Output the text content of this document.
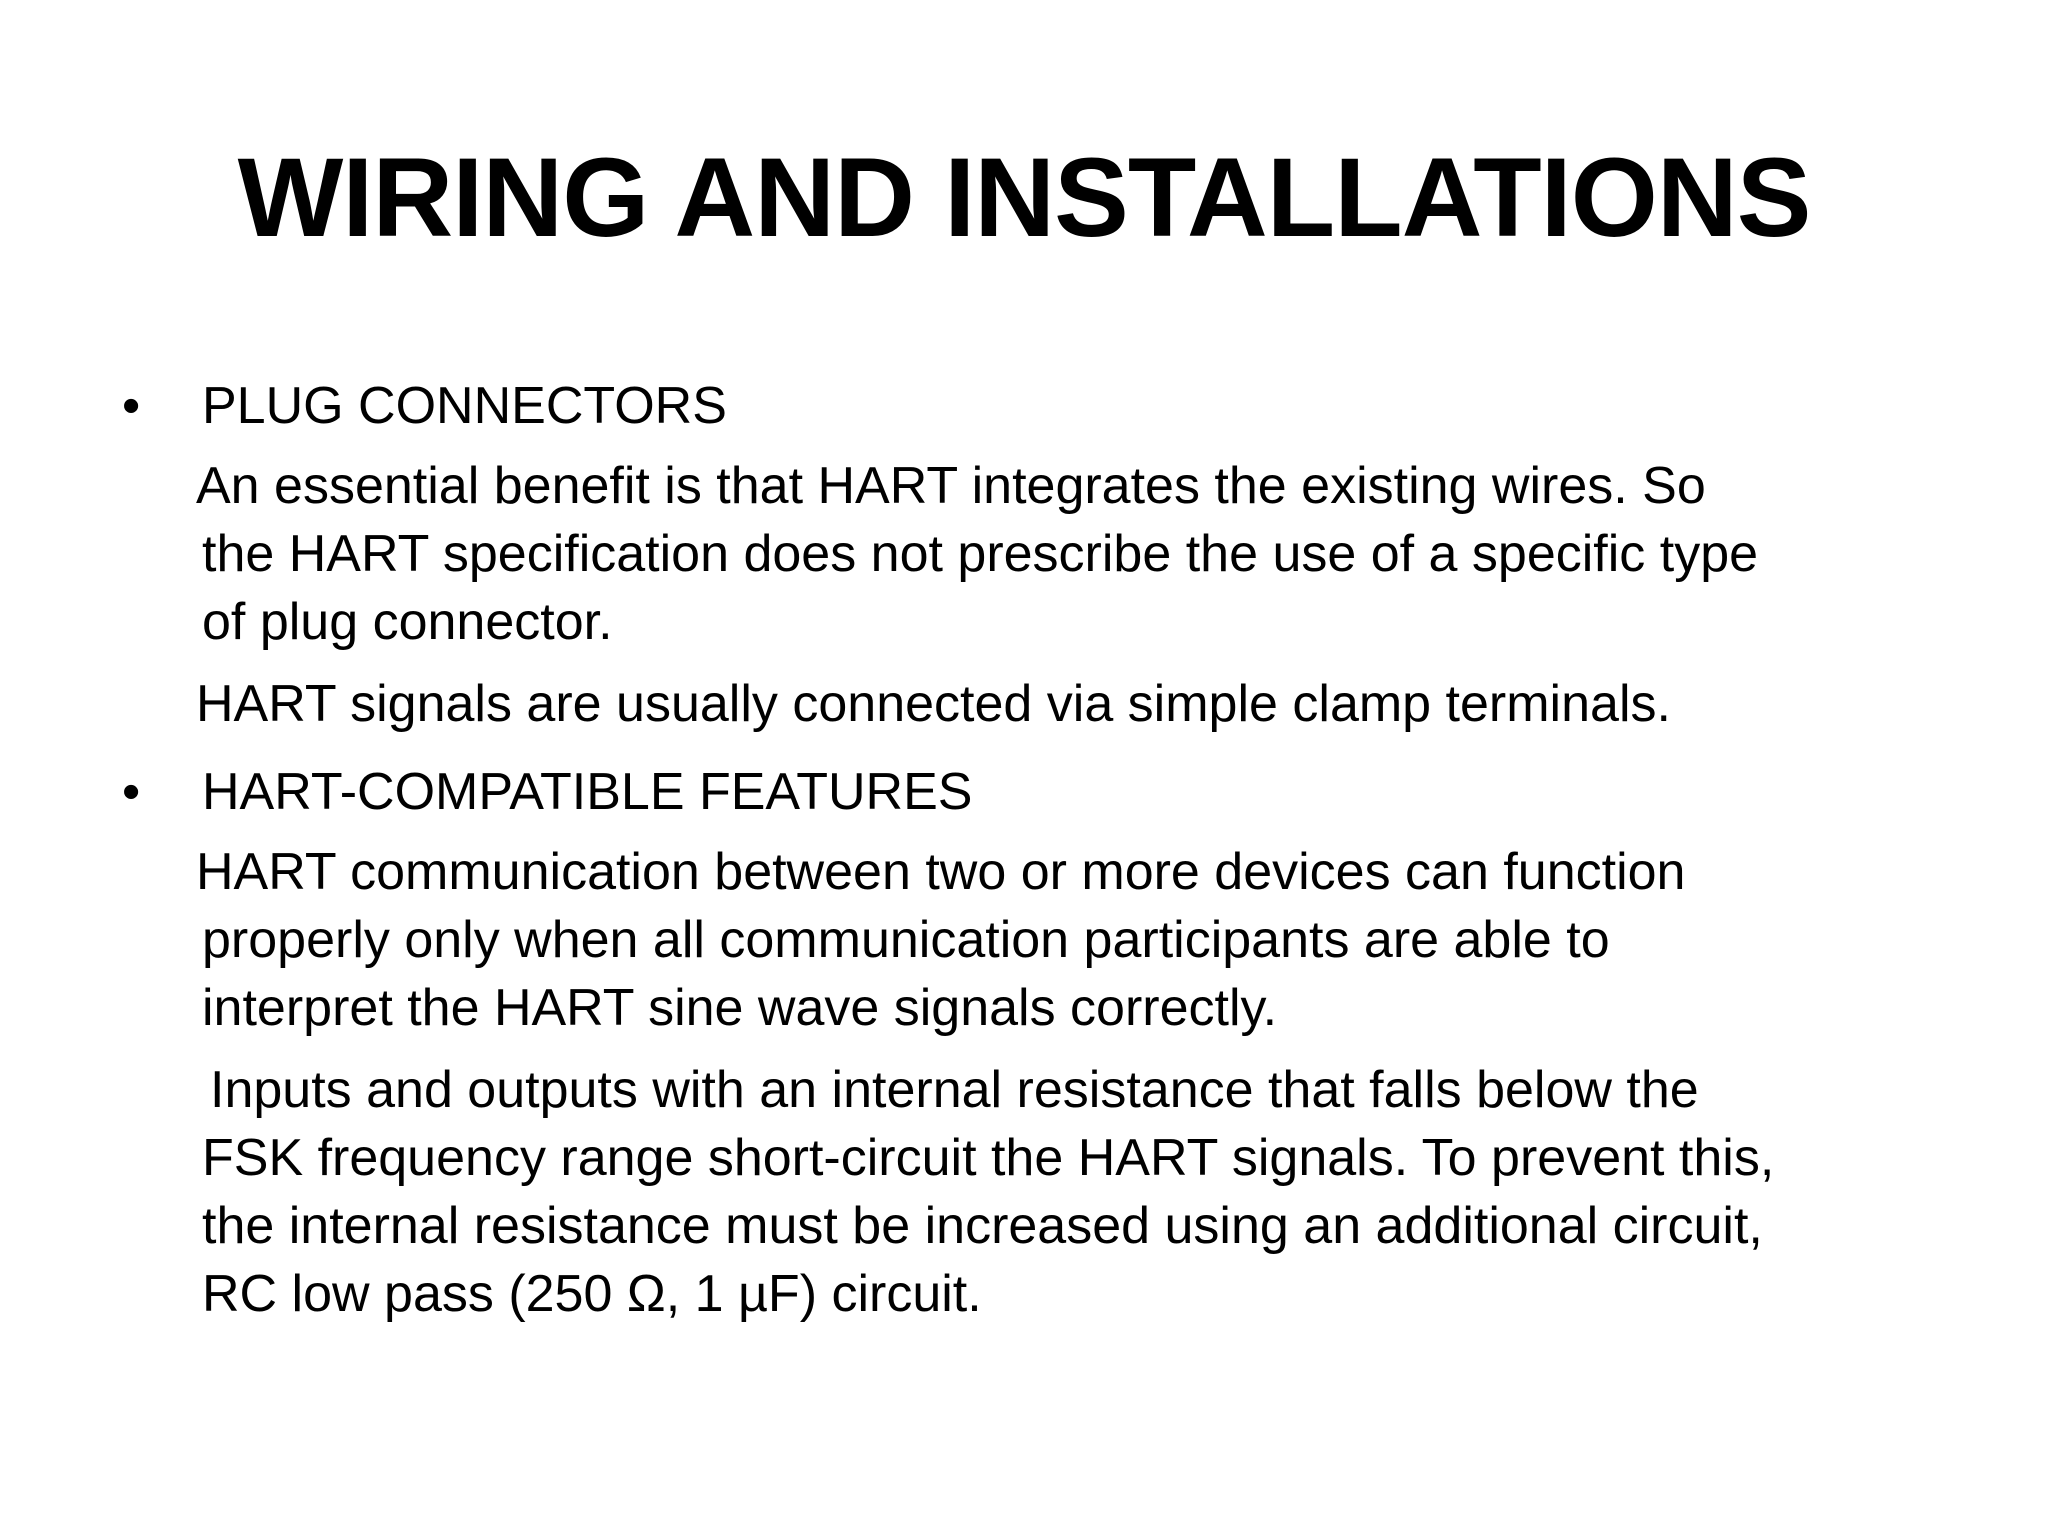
WIRING AND INSTALLATIONS
• PLUG CONNECTORS

An essential benefit is that HART integrates the existing wires. So

the HART specification does not prescribe the use of a specific type

of plug connector.

HART signals are usually connected via simple clamp terminals.

• HART-COMPATIBLE FEATURES

HART communication between two or more devices can function

properly only when all communication participants are able to

interpret the HART sine wave signals correctly.

Inputs and outputs with an internal resistance that falls below the

FSK frequency range short-circuit the HART signals. To prevent this,

the internal resistance must be increased using an additional circuit,

RC low pass (250 Ω, 1 µF) circuit.
